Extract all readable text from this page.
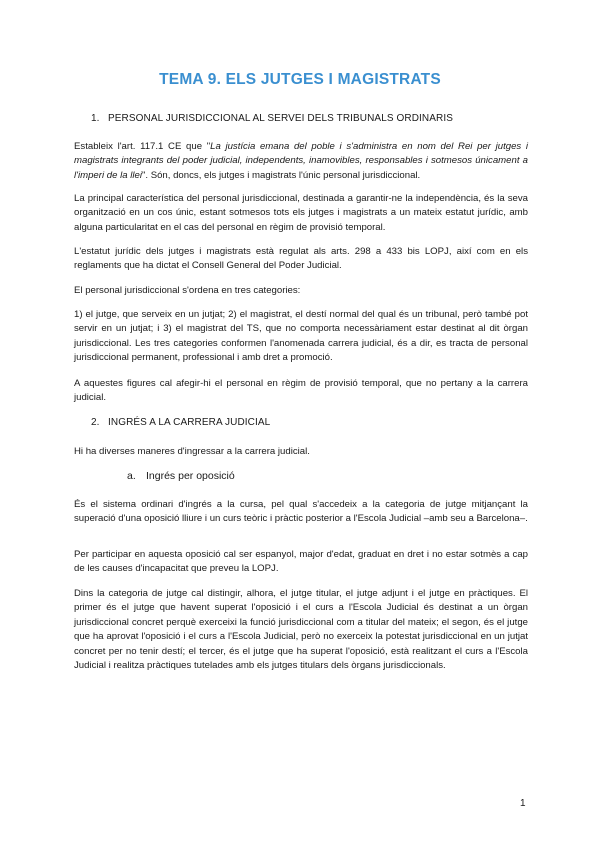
TEMA 9. ELS JUTGES I MAGISTRATS
1. PERSONAL JURISDICCIONAL AL SERVEI DELS TRIBUNALS ORDINARIS

Estableix l'art. 117.1 CE que "La justícia emana del poble i s'administra en nom del Rei per jutges i magistrats integrants del poder judicial, independents, inamovibles, responsables i sotmesos únicament a l'imperi de la llei". Són, doncs, els jutges i magistrats l'únic personal jurisdiccional.

La principal característica del personal jurisdiccional, destinada a garantir-ne la independència, és la seva organització en un cos únic, estant sotmesos tots els jutges i magistrats a un mateix estatut jurídic, amb alguna particularitat en el cas del personal en règim de provisió temporal.

L'estatut jurídic dels jutges i magistrats està regulat als arts. 298 a 433 bis LOPJ, així com en els reglaments que ha dictat el Consell General del Poder Judicial.

El personal jurisdiccional s'ordena en tres categories:

1) el jutge, que serveix en un jutjat; 2) el magistrat, el destí normal del qual és un tribunal, però també pot servir en un jutjat; i 3) el magistrat del TS, que no comporta necessàriament estar destinat al dit òrgan jurisdiccional. Les tres categories conformen l'anomenada carrera judicial, és a dir, es tracta de personal jurisdiccional permanent, professional i amb dret a promoció.

A aquestes figures cal afegir-hi el personal en règim de provisió temporal, que no pertany a la carrera judicial.

2. INGRÉS A LA CARRERA JUDICIAL

Hi ha diverses maneres d'ingressar a la carrera judicial.

a. Ingrés per oposició

És el sistema ordinari d'ingrés a la cursa, pel qual s'accedeix a la categoria de jutge mitjançant la superació d'una oposició lliure i un curs teòric i pràctic posterior a l'Escola Judicial –amb seu a Barcelona–.

Per participar en aquesta oposició cal ser espanyol, major d'edat, graduat en dret i no estar sotmès a cap de les causes d'incapacitat que preveu la LOPJ.

Dins la categoria de jutge cal distingir, alhora, el jutge titular, el jutge adjunt i el jutge en pràctiques. El primer és el jutge que havent superat l'oposició i el curs a l'Escola Judicial és destinat a un òrgan jurisdiccional concret perquè exerceixi la funció jurisdiccional com a titular del mateix; el segon, és el jutge que ha aprovat l'oposició i el curs a l'Escola Judicial, però no exerceix la potestat jurisdiccional en un jutjat concret per no tenir destí; el tercer, és el jutge que ha superat l'oposició, està realitzant el curs a l'Escola Judicial i realitza pràctiques tutelades amb els jutges titulars dels òrgans jurisdiccionals.

1
